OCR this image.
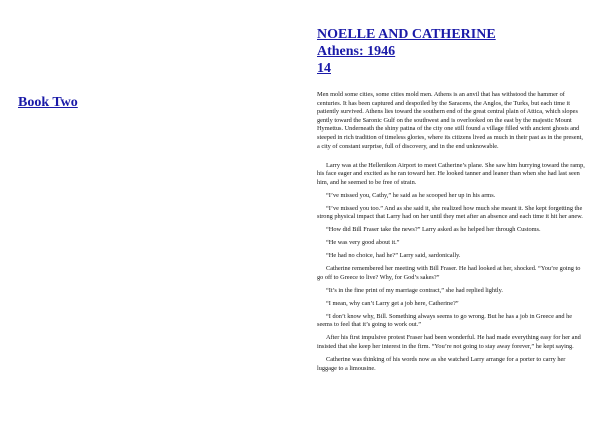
Book Two
NOELLE AND CATHERINE
Athens: 1946
14

Men mold some cities, some cities mold men. Athens is an anvil that has withstood the hammer of centuries. It has been captured and despoiled by the Saracens, the Anglos, the Turks, but each time it patiently survived. Athens lies toward the southern end of the great central plain of Attica, which slopes gently toward the Saronic Gulf on the southwest and is overlooked on the east by the majestic Mount Hymettus. Underneath the shiny patina of the city one still found a village filled with ancient ghosts and steeped in rich tradition of timeless glories, where its citizens lived as much in their past as in the present, a city of constant surprise, full of discovery, and in the end unknowable.

Larry was at the Hellenikon Airport to meet Catherine’s plane. She saw him hurrying toward the ramp, his face eager and excited as he ran toward her. He looked tanner and leaner than when she had last seen him, and he seemed to be free of strain.

“I’ve missed you, Cathy,” he said as he scooped her up in his arms.

“I’ve missed you too.” And as she said it, she realized how much she meant it. She kept forgetting the strong physical impact that Larry had on her until they met after an absence and each time it hit her anew.

“How did Bill Fraser take the news?” Larry asked as he helped her through Customs.

“He was very good about it.”

“He had no choice, had he?” Larry said, sardonically.

Catherine remembered her meeting with Bill Fraser. He had looked at her, shocked. “You’re going to go off to Greece to live? Why, for God’s sakes?”

“It’s in the fine print of my marriage contract,” she had replied lightly.

“I mean, why can’t Larry get a job here, Catherine?”

“I don’t know why, Bill. Something always seems to go wrong. But he has a job in Greece and he seems to feel that it’s going to work out.”

After his first impulsive protest Fraser had been wonderful. He had made everything easy for her and insisted that she keep her interest in the firm. “You’re not going to stay away forever,” he kept saying.

Catherine was thinking of his words now as she watched Larry arrange for a porter to carry her luggage to a limousine.
